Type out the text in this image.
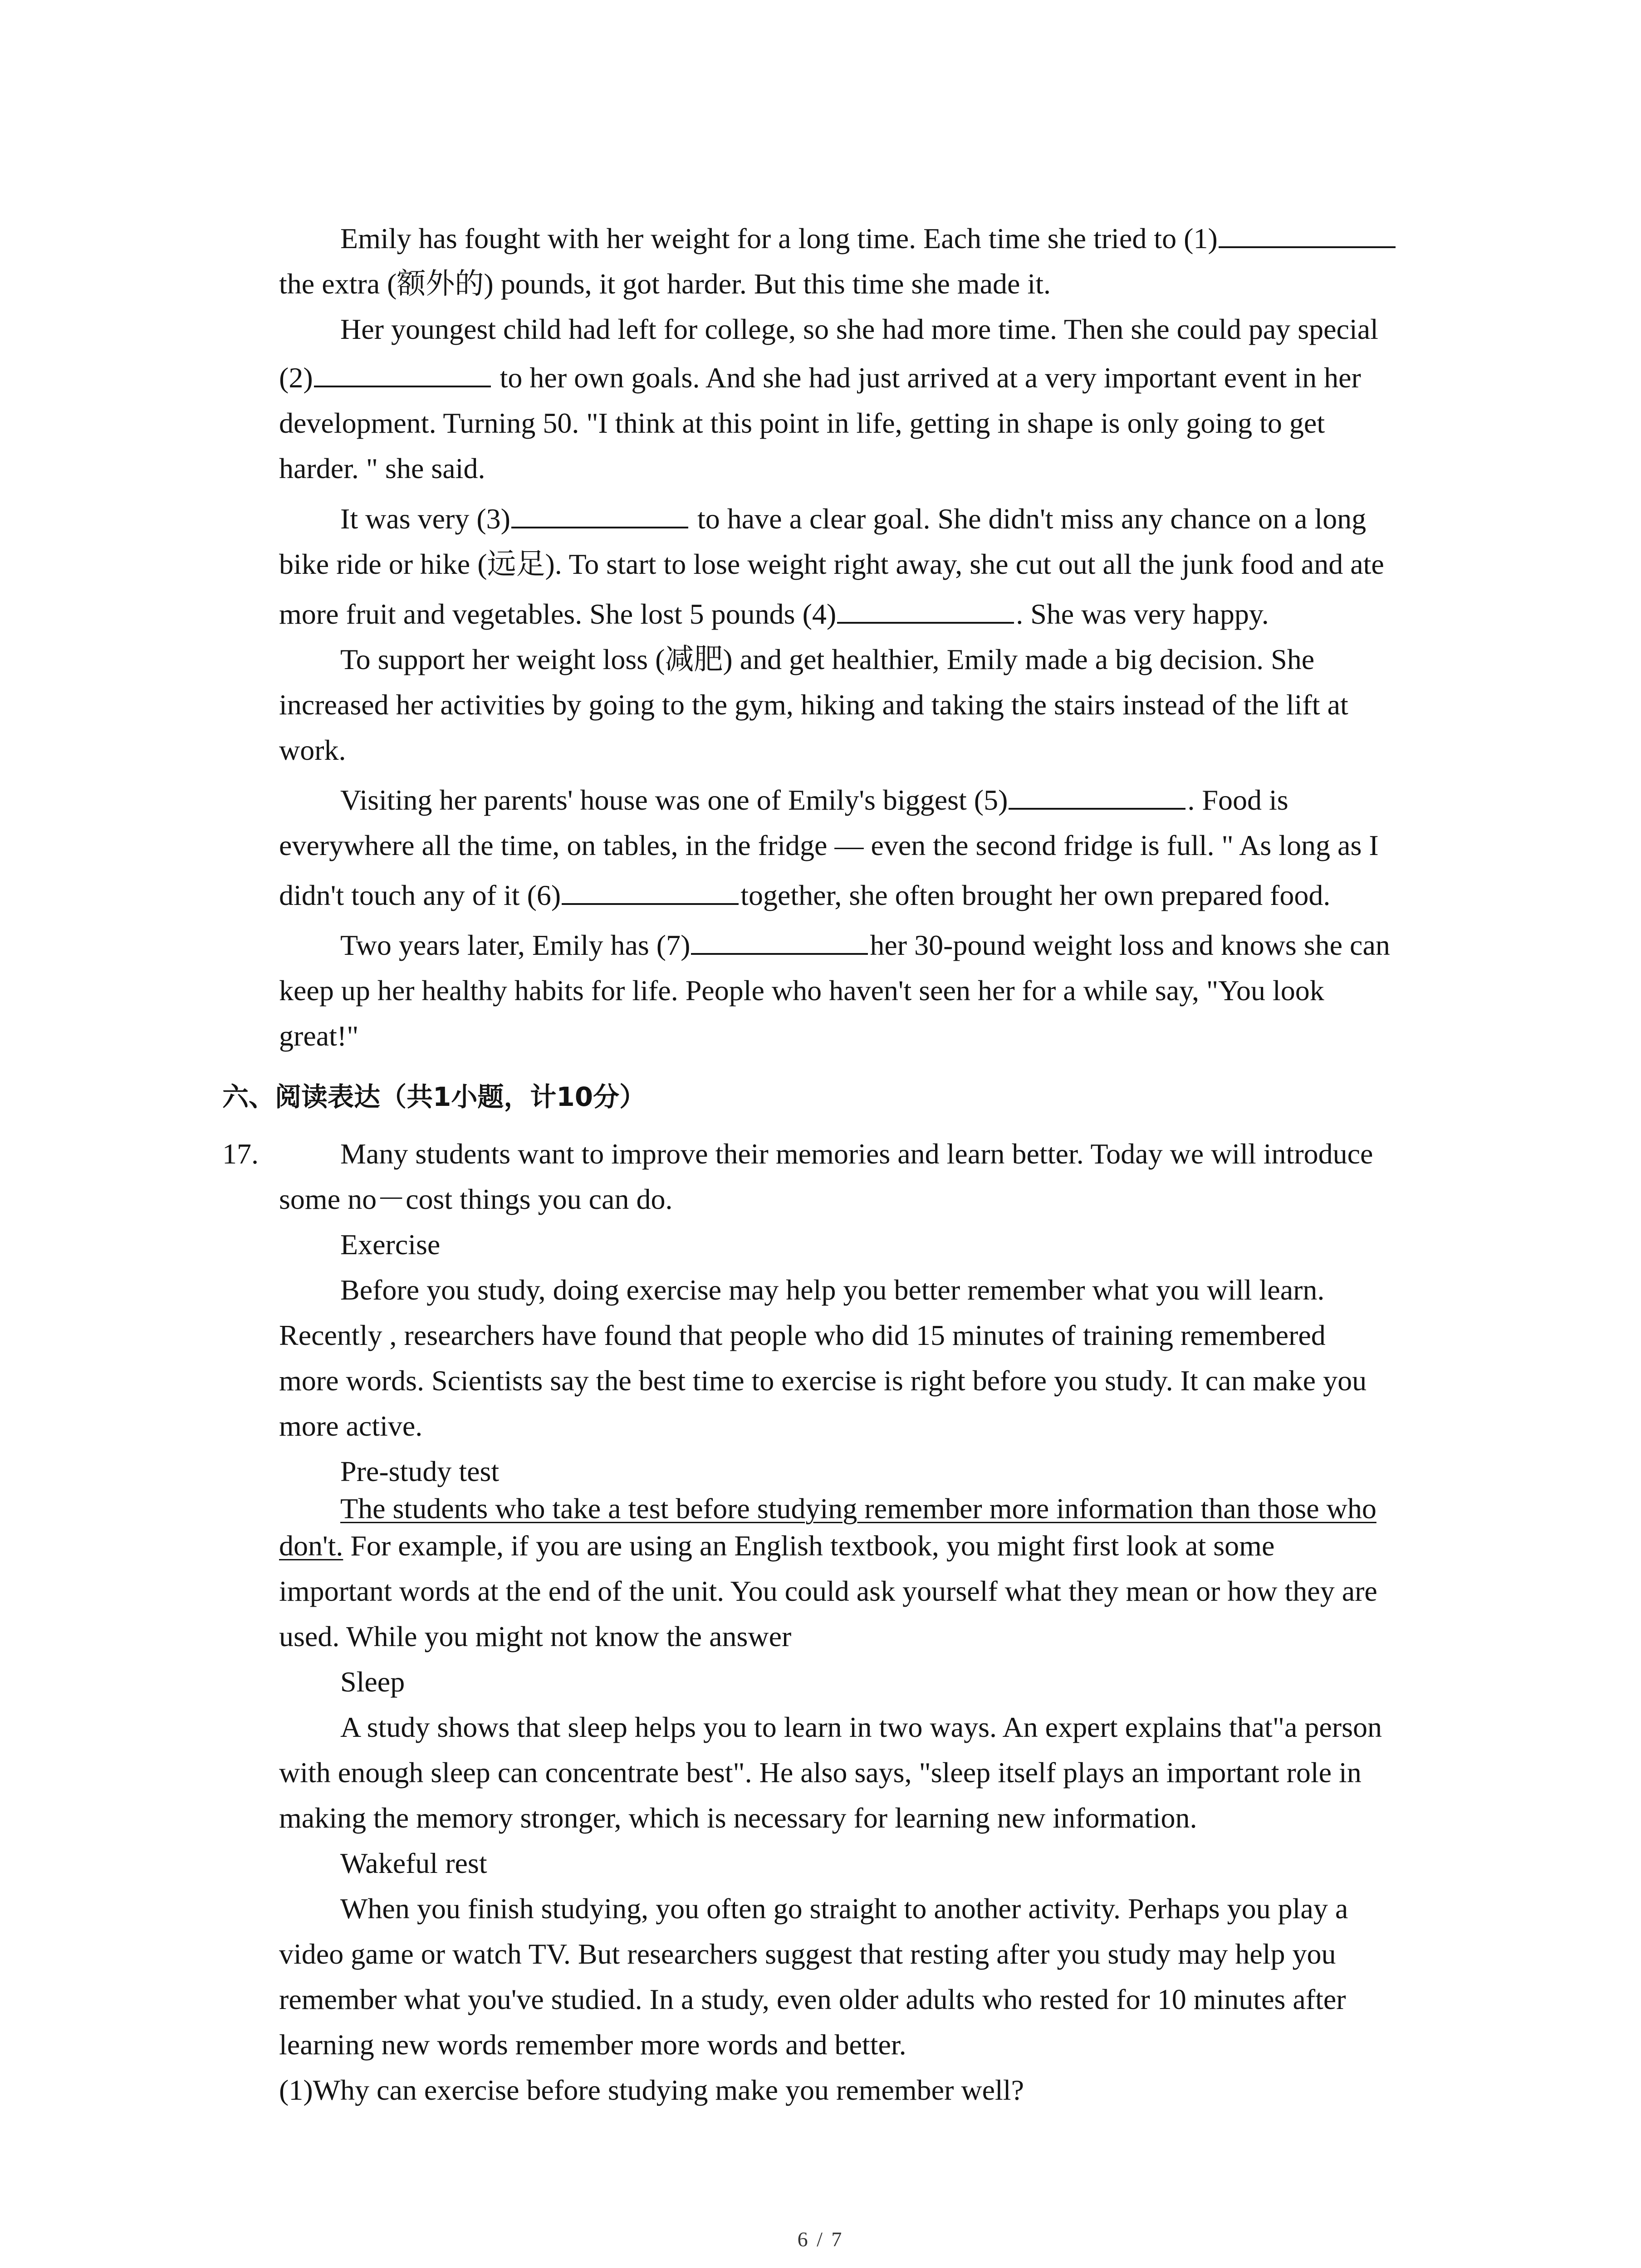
Emily has fought with her weight for a long time. Each time she tried to (1)
the extra (额外的) pounds, it got harder. But this time she made it.
Her youngest child had left for college, so she had more time. Then she could pay special
(2)	to her own goals. And she had just arrived at a very important event in her
development. Turning 50. "I think at this point in life, getting in shape is only going to get
harder. " she said.
It was very (3)	to have a clear goal. She didn't miss any chance on a long
bike ride or hike (远足). To start to lose weight right away, she cut out all the junk food and ate
more fruit and vegetables. She lost 5 pounds (4)	. She was very happy.
To support her weight loss (减肥) and get healthier, Emily made a big decision. She
increased her activities by going to the gym, hiking and taking the stairs instead of the lift at
work.
Visiting her parents' house was one of Emily's biggest (5)	. Food is
everywhere all the time, on tables, in the fridge — even the second fridge is full. " As long as I
didn't touch any of it (6)	together, she often brought her own prepared food.
Two years later, Emily has (7)	her 30-pound weight loss and knows she can
keep up her healthy habits for life. People who haven't seen her for a while say, "You look
great!"
六、阅读表达（共1小题，计10分）
17.	Many students want to improve their memories and learn better. Today we will introduce
some no－cost things you can do.
Exercise
Before you study, doing exercise may help you better remember what you will learn.
Recently , researchers have found that people who did 15 minutes of training remembered
more words. Scientists say the best time to exercise is right before you study. It can make you
more active.
Pre-study test
The students who take a test before studying remember more information than those who
don't. For example, if you are using an English textbook, you might first look at some
important words at the end of the unit. You could ask yourself what they mean or how they are
used. While you might not know the answer
Sleep
A study shows that sleep helps you to learn in two ways. An expert explains that"a person
with enough sleep can concentrate best". He also says, "sleep itself plays an important role in
making the memory stronger, which is necessary for learning new information.
Wakeful rest
When you finish studying, you often go straight to another activity. Perhaps you play a
video game or watch TV. But researchers suggest that resting after you study may help you
remember what you've studied. In a study, even older adults who rested for 10 minutes after
learning new words remember more words and better.
(1)Why can exercise before studying make you remember well?
6 / 7
